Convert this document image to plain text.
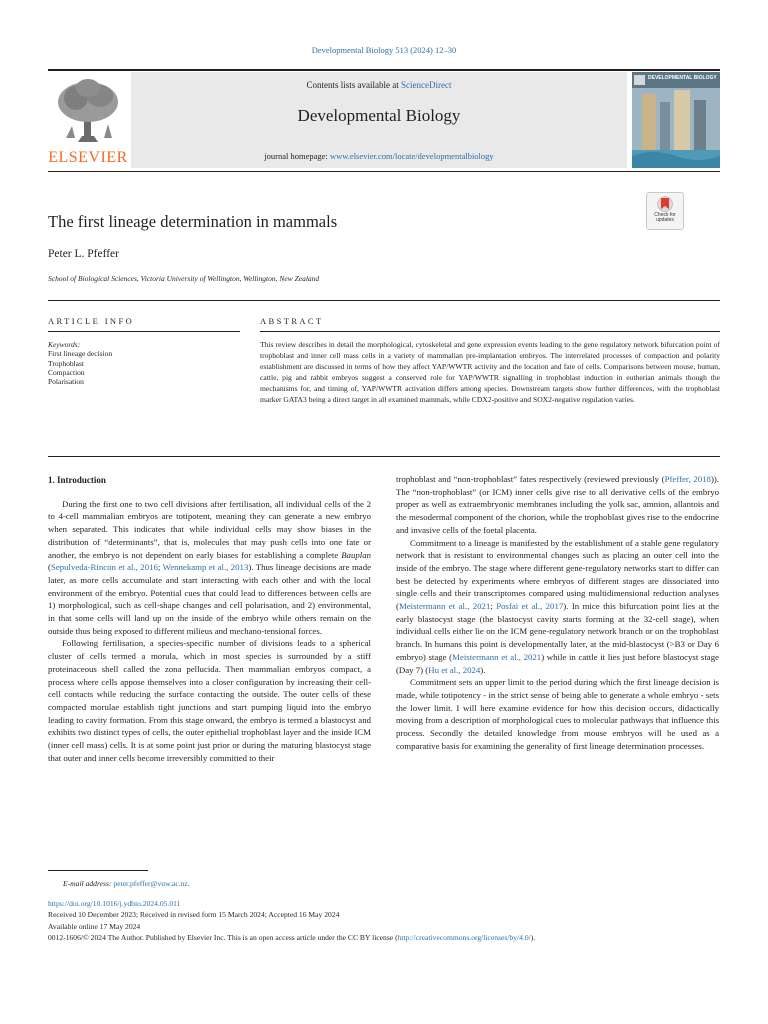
Developmental Biology 513 (2024) 12–30
Contents lists available at ScienceDirect
Developmental Biology
journal homepage: www.elsevier.com/locate/developmentalbiology
ELSEVIER
DEVELOPMENTAL BIOLOGY
Check for updates
The first lineage determination in mammals
Peter L. Pfeffer
School of Biological Sciences, Victoria University of Wellington, Wellington, New Zealand
ARTICLE INFO	ABSTRACT
Keywords:
First lineage decision
Trophoblast
Compaction
Polarisation
This review describes in detail the morphological, cytoskeletal and gene expression events leading to the gene regulatory network bifurcation point of trophoblast and inner cell mass cells in a variety of mammalian pre-implantation embryos. The interrelated processes of compaction and polarity establishment are discussed in terms of how they affect YAP/WWTR activity and the location and fate of cells. Comparisons between mouse, human, cattle, pig and rabbit embryos suggest a conserved role for YAP/WWTR signalling in trophoblast induction in eutherian animals though the mechanisms for, and timing of, YAP/WWTR activation differs among species. Downstream targets show further differences, with the trophoblast marker GATA3 being a direct target in all examined mammals, while CDX2-positive and SOX2-negative regulation varies.

1. Introduction

During the first one to two cell divisions after fertilisation, all individual cells of the 2 to 4-cell mammalian embryos are totipotent, meaning they can generate a new embryo when separated. This indicates that while individual cells may show biases in the distribution of “determinants”, that is, molecules that may push cells into one fate or another, the embryo is not dependent on early biases for establishing a complete Bauplan (Sepulveda-Rincon et al., 2016; Wennekamp et al., 2013). Thus lineage decisions are made later, as more cells accumulate and start interacting with each other and with the local environment of the embryo. Potential cues that could lead to differences between cells are 1) morphological, such as cell-shape changes and cell polarisation, and 2) environmental, in that some cells will land up on the inside of the embryo while others remain on the outside thus being exposed to different milieus and mechano-tensional forces.

Following fertilisation, a species-specific number of divisions leads to a spherical cluster of cells termed a morula, which in most species is surrounded by a stiff proteinaceous shell called the zona pellucida. Then mammalian embryos compact, a process where cells appose themselves into a closer configuration by increasing their cell-cell contacts while reducing the surface contacting the outside. The outer cells of these compacted morulae establish tight junctions and start pumping liquid into the embryo leading to cavity formation. From this stage onward, the embryo is termed a blastocyst and exhibits two distinct types of cells, the outer epithelial trophoblast layer and the inside ICM (inner cell mass) cells. It is at some point just prior or during the maturing blastocyst stage that outer and inner cells become irreversibly committed to their

trophoblast and “non-trophoblast” fates respectively (reviewed previously (Pfeffer, 2018)). The “non-trophoblast” (or ICM) inner cells give rise to all derivative cells of the embryo proper as well as extraembryonic membranes including the yolk sac, amnion, allantois and the mesodermal component of the chorion, while the trophoblast gives rise to the endocrine and invasive cells of the foetal placenta.

Commitment to a lineage is manifested by the establishment of a stable gene regulatory network that is resistant to environmental changes such as placing an outer cell into the inside of the embryo. The stage where different gene-regulatory networks start to differ can best be detected by experiments where embryos of different stages are dissociated into single cells and their transcriptomes compared using multidimensional reduction analyses (Meistermann et al., 2021; Posfai et al., 2017). In mice this bifurcation point lies at the early blastocyst stage (the blastocyst cavity starts forming at the 32-cell stage), when individual cells either lie on the ICM gene-regulatory network branch or on the trophoblast branch. In humans this point is developmentally later, at the mid-blastocyst (>B3 or Day 6 embryo) stage (Meistermann et al., 2021) while in cattle it lies just before blastocyst stage (Day 7) (Hu et al., 2024).

Commitment sets an upper limit to the period during which the first lineage decision is made, while totipotency - in the strict sense of being able to generate a whole embryo - sets the lower limit. I will here examine evidence for how this decision occurs, didactically moving from a description of morphological cues to molecular pathways that influence this process. Secondly the detailed knowledge from mouse embryos will be used as a comparative basis for examining the generality of first lineage determination processes.

E-mail address: peter.pfeffer@vuw.ac.nz.

https://doi.org/10.1016/j.ydbio.2024.05.011

Received 10 December 2023; Received in revised form 15 March 2024; Accepted 16 May 2024

Available online 17 May 2024

0012-1606/© 2024 The Author. Published by Elsevier Inc. This is an open access article under the CC BY license (http://creativecommons.org/licenses/by/4.0/).
